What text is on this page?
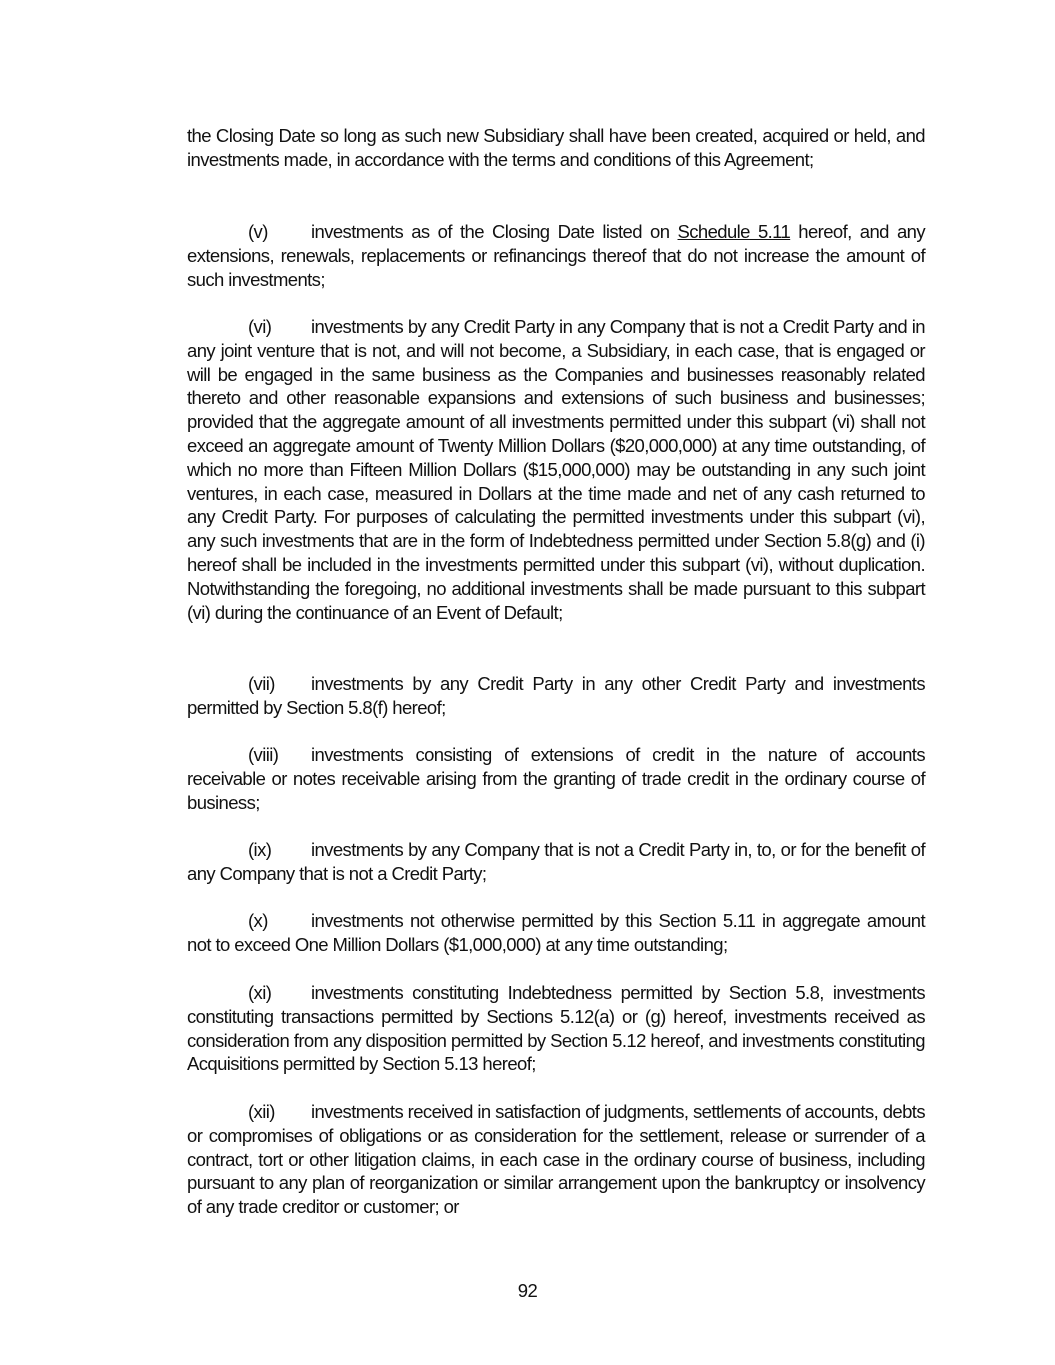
the Closing Date so long as such new Subsidiary shall have been created, acquired or held, and investments made, in accordance with the terms and conditions of this Agreement;

(v) investments as of the Closing Date listed on Schedule 5.11 hereof, and any extensions, renewals, replacements or refinancings thereof that do not increase the amount of such investments;

(vi) investments by any Credit Party in any Company that is not a Credit Party and in any joint venture that is not, and will not become, a Subsidiary, in each case, that is engaged or will be engaged in the same business as the Companies and businesses reasonably related thereto and other reasonable expansions and extensions of such business and businesses; provided that the aggregate amount of all investments permitted under this subpart (vi) shall not exceed an aggregate amount of Twenty Million Dollars ($20,000,000) at any time outstanding, of which no more than Fifteen Million Dollars ($15,000,000) may be outstanding in any such joint ventures, in each case, measured in Dollars at the time made and net of any cash returned to any Credit Party. For purposes of calculating the permitted investments under this subpart (vi), any such investments that are in the form of Indebtedness permitted under Section 5.8(g) and (i) hereof shall be included in the investments permitted under this subpart (vi), without duplication. Notwithstanding the foregoing, no additional investments shall be made pursuant to this subpart (vi) during the continuance of an Event of Default;

(vii) investments by any Credit Party in any other Credit Party and investments permitted by Section 5.8(f) hereof;

(viii) investments consisting of extensions of credit in the nature of accounts receivable or notes receivable arising from the granting of trade credit in the ordinary course of business;

(ix) investments by any Company that is not a Credit Party in, to, or for the benefit of any Company that is not a Credit Party;

(x) investments not otherwise permitted by this Section 5.11 in aggregate amount not to exceed One Million Dollars ($1,000,000) at any time outstanding;

(xi) investments constituting Indebtedness permitted by Section 5.8, investments constituting transactions permitted by Sections 5.12(a) or (g) hereof, investments received as consideration from any disposition permitted by Section 5.12 hereof, and investments constituting Acquisitions permitted by Section 5.13 hereof;

(xii) investments received in satisfaction of judgments, settlements of accounts, debts or compromises of obligations or as consideration for the settlement, release or surrender of a contract, tort or other litigation claims, in each case in the ordinary course of business, including pursuant to any plan of reorganization or similar arrangement upon the bankruptcy or insolvency of any trade creditor or customer; or

92
